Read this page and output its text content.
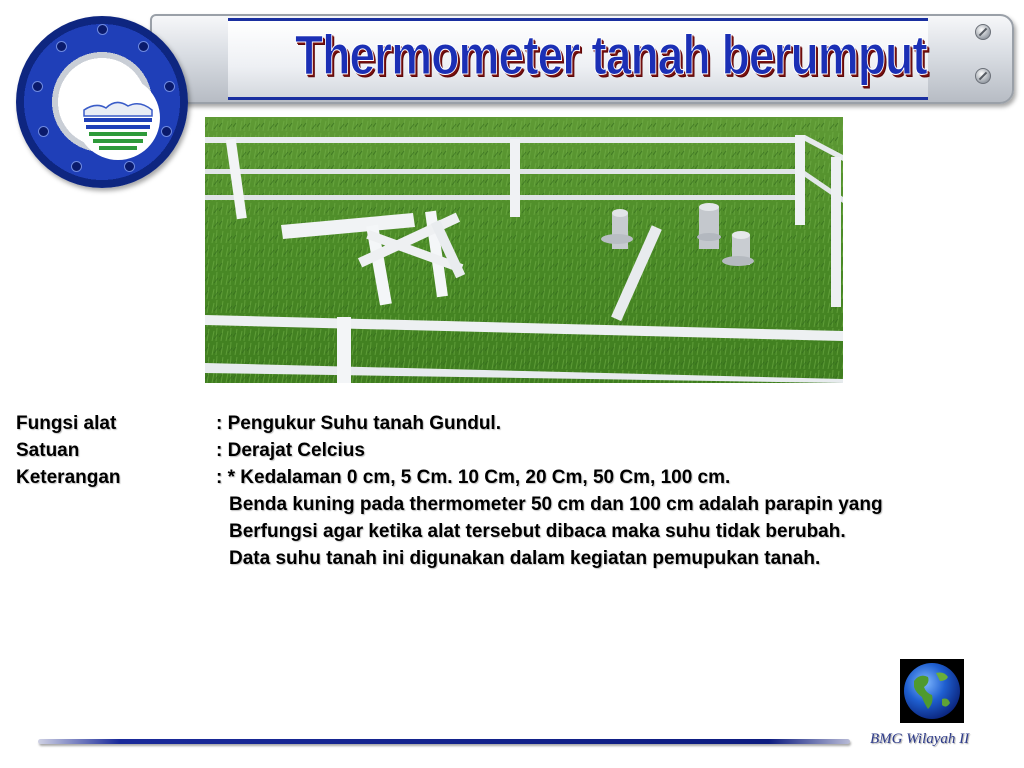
Thermometer tanah berumput
Fungsi alat	: Pengukur Suhu tanah Gundul.
Satuan	: Derajat Celcius
Keterangan	: * Kedalaman 0 cm, 5 Cm. 10 Cm, 20 Cm, 50 Cm, 100 cm.
Benda kuning pada thermometer 50 cm dan 100 cm adalah parapin yang
Berfungsi agar ketika alat tersebut dibaca maka suhu tidak berubah.
Data suhu tanah ini digunakan dalam kegiatan pemupukan tanah.
BMG Wilayah II
